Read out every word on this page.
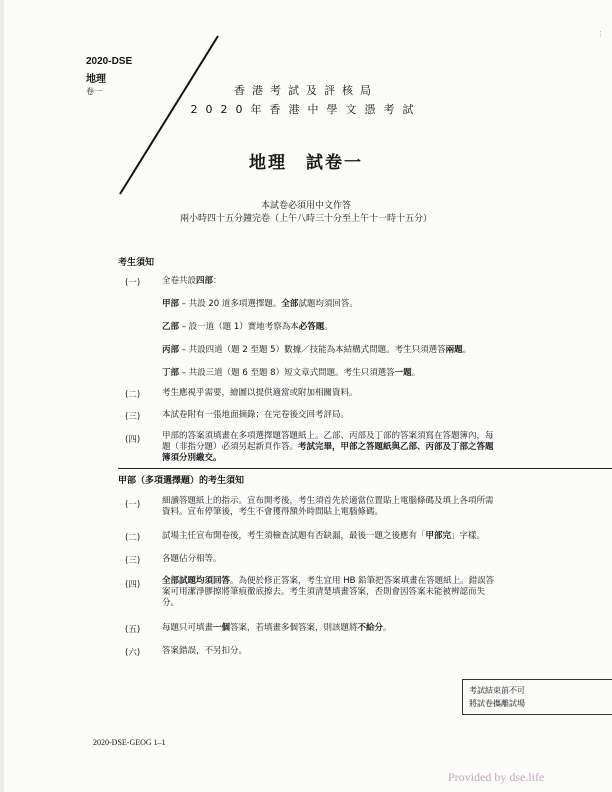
⋮
2020-DSE
地理
卷一	香港考試及評核局
2020年香港中學文憑考試
地理　試卷一
本試卷必須用中文作答
兩小時四十五分鐘完卷（上午八時三十分至上午十一時十五分）
考生須知
(一)	全卷共設四部：
甲部 – 共設 20 道多項選擇題。全部試題均須回答。
乙部 – 設一道（題 1）實地考察為本必答題。
丙部 – 共設四道（題 2 至題 5）數據／技能為本結構式問題。考生只須選答兩題。
丁部 – 共設三道（題 6 至題 8）短文章式問題。考生只須選答一題。
(二)	考生應視乎需要，繪圖以提供適當或附加相關資料。
(三)	本試卷附有一張地面摘錄；在完卷後交回考評局。
(四)	甲部的答案須填畫在多項選擇題答題紙上。乙部、丙部及丁部的答案須寫在答題簿內，每
題（非指分題）必須另起新頁作答。考試完畢，甲部之答題紙與乙部、丙部及丁部之答題
簿須分別繳交。
甲部（多項選擇題）的考生須知
(一)	細讀答題紙上的指示。宣布開考後，考生須首先於適當位置貼上電腦條碼及填上各項所需
資料。宣布停筆後，考生不會獲得額外時間貼上電腦條碼。
(二)	試場主任宣布開卷後，考生須檢查試題有否缺漏，最後一題之後應有「甲部完」字樣。
(三)	各題佔分相等。
(四)	全部試題均須回答。為便於修正答案，考生宜用 HB 鉛筆把答案填畫在答題紙上。錯誤答
案可用潔淨膠擦將筆痕徹底擦去。考生須清楚填畫答案，否則會因答案未能被辨認而失
分。
(五)	每題只可填畫一個答案，若填畫多個答案，則該題將不給分。
(六)	答案錯誤，不另扣分。
考試結束前不可
將試卷攜離試場
2020-DSE-GEOG 1–1
Provided by dse.life
